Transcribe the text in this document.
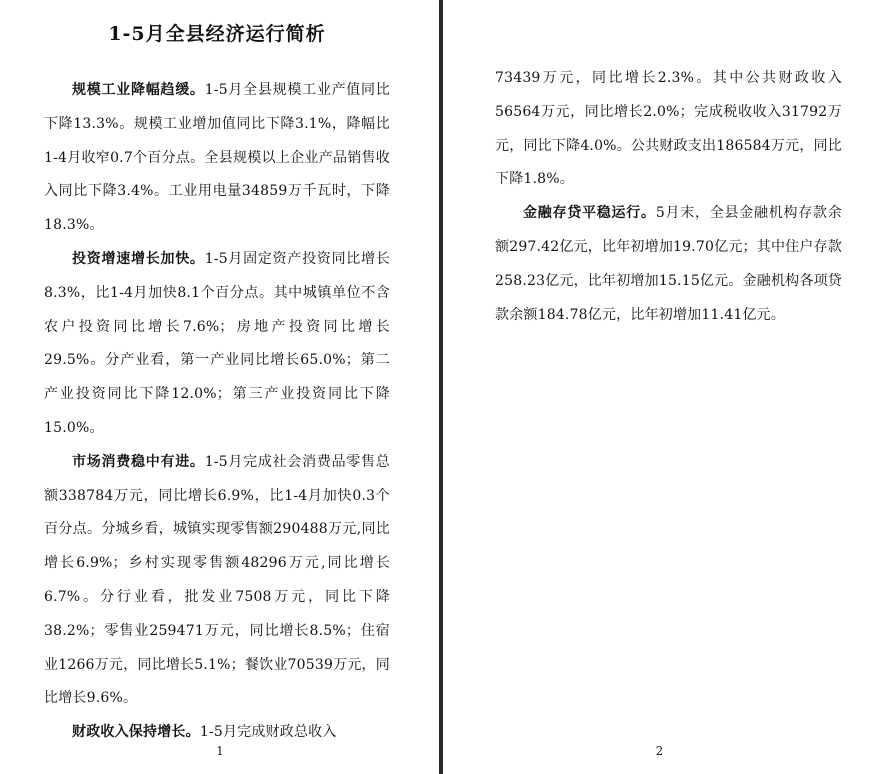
1-5月全县经济运行简析

规模工业降幅趋缓。1-5月全县规模工业产值同比下降13.3%。规模工业增加值同比下降3.1%，降幅比1-4月收窄0.7个百分点。全县规模以上企业产品销售收入同比下降3.4%。工业用电量34859万千瓦时，下降18.3%。

投资增速增长加快。1-5月固定资产投资同比增长8.3%，比1-4月加快8.1个百分点。其中城镇单位不含农户投资同比增长7.6%；房地产投资同比增长29.5%。分产业看，第一产业同比增长65.0%；第二产业投资同比下降12.0%；第三产业投资同比下降15.0%。

市场消费稳中有进。1-5月完成社会消费品零售总额338784万元，同比增长6.9%，比1-4月加快0.3个百分点。分城乡看，城镇实现零售额290488万元,同比增长6.9%；乡村实现零售额48296万元,同比增长6.7%。分行业看，批发业7508万元，同比下降38.2%；零售业259471万元，同比增长8.5%；住宿业1266万元，同比增长5.1%；餐饮业70539万元，同比增长9.6%。

财政收入保持增长。1-5月完成财政总收入

1

73439万元，同比增长2.3%。其中公共财政收入56564万元，同比增长2.0%；完成税收收入31792万元，同比下降4.0%。公共财政支出186584万元，同比下降1.8%。

金融存贷平稳运行。5月末，全县金融机构存款余额297.42亿元，比年初增加19.70亿元；其中住户存款258.23亿元，比年初增加15.15亿元。金融机构各项贷款余额184.78亿元，比年初增加11.41亿元。

2
